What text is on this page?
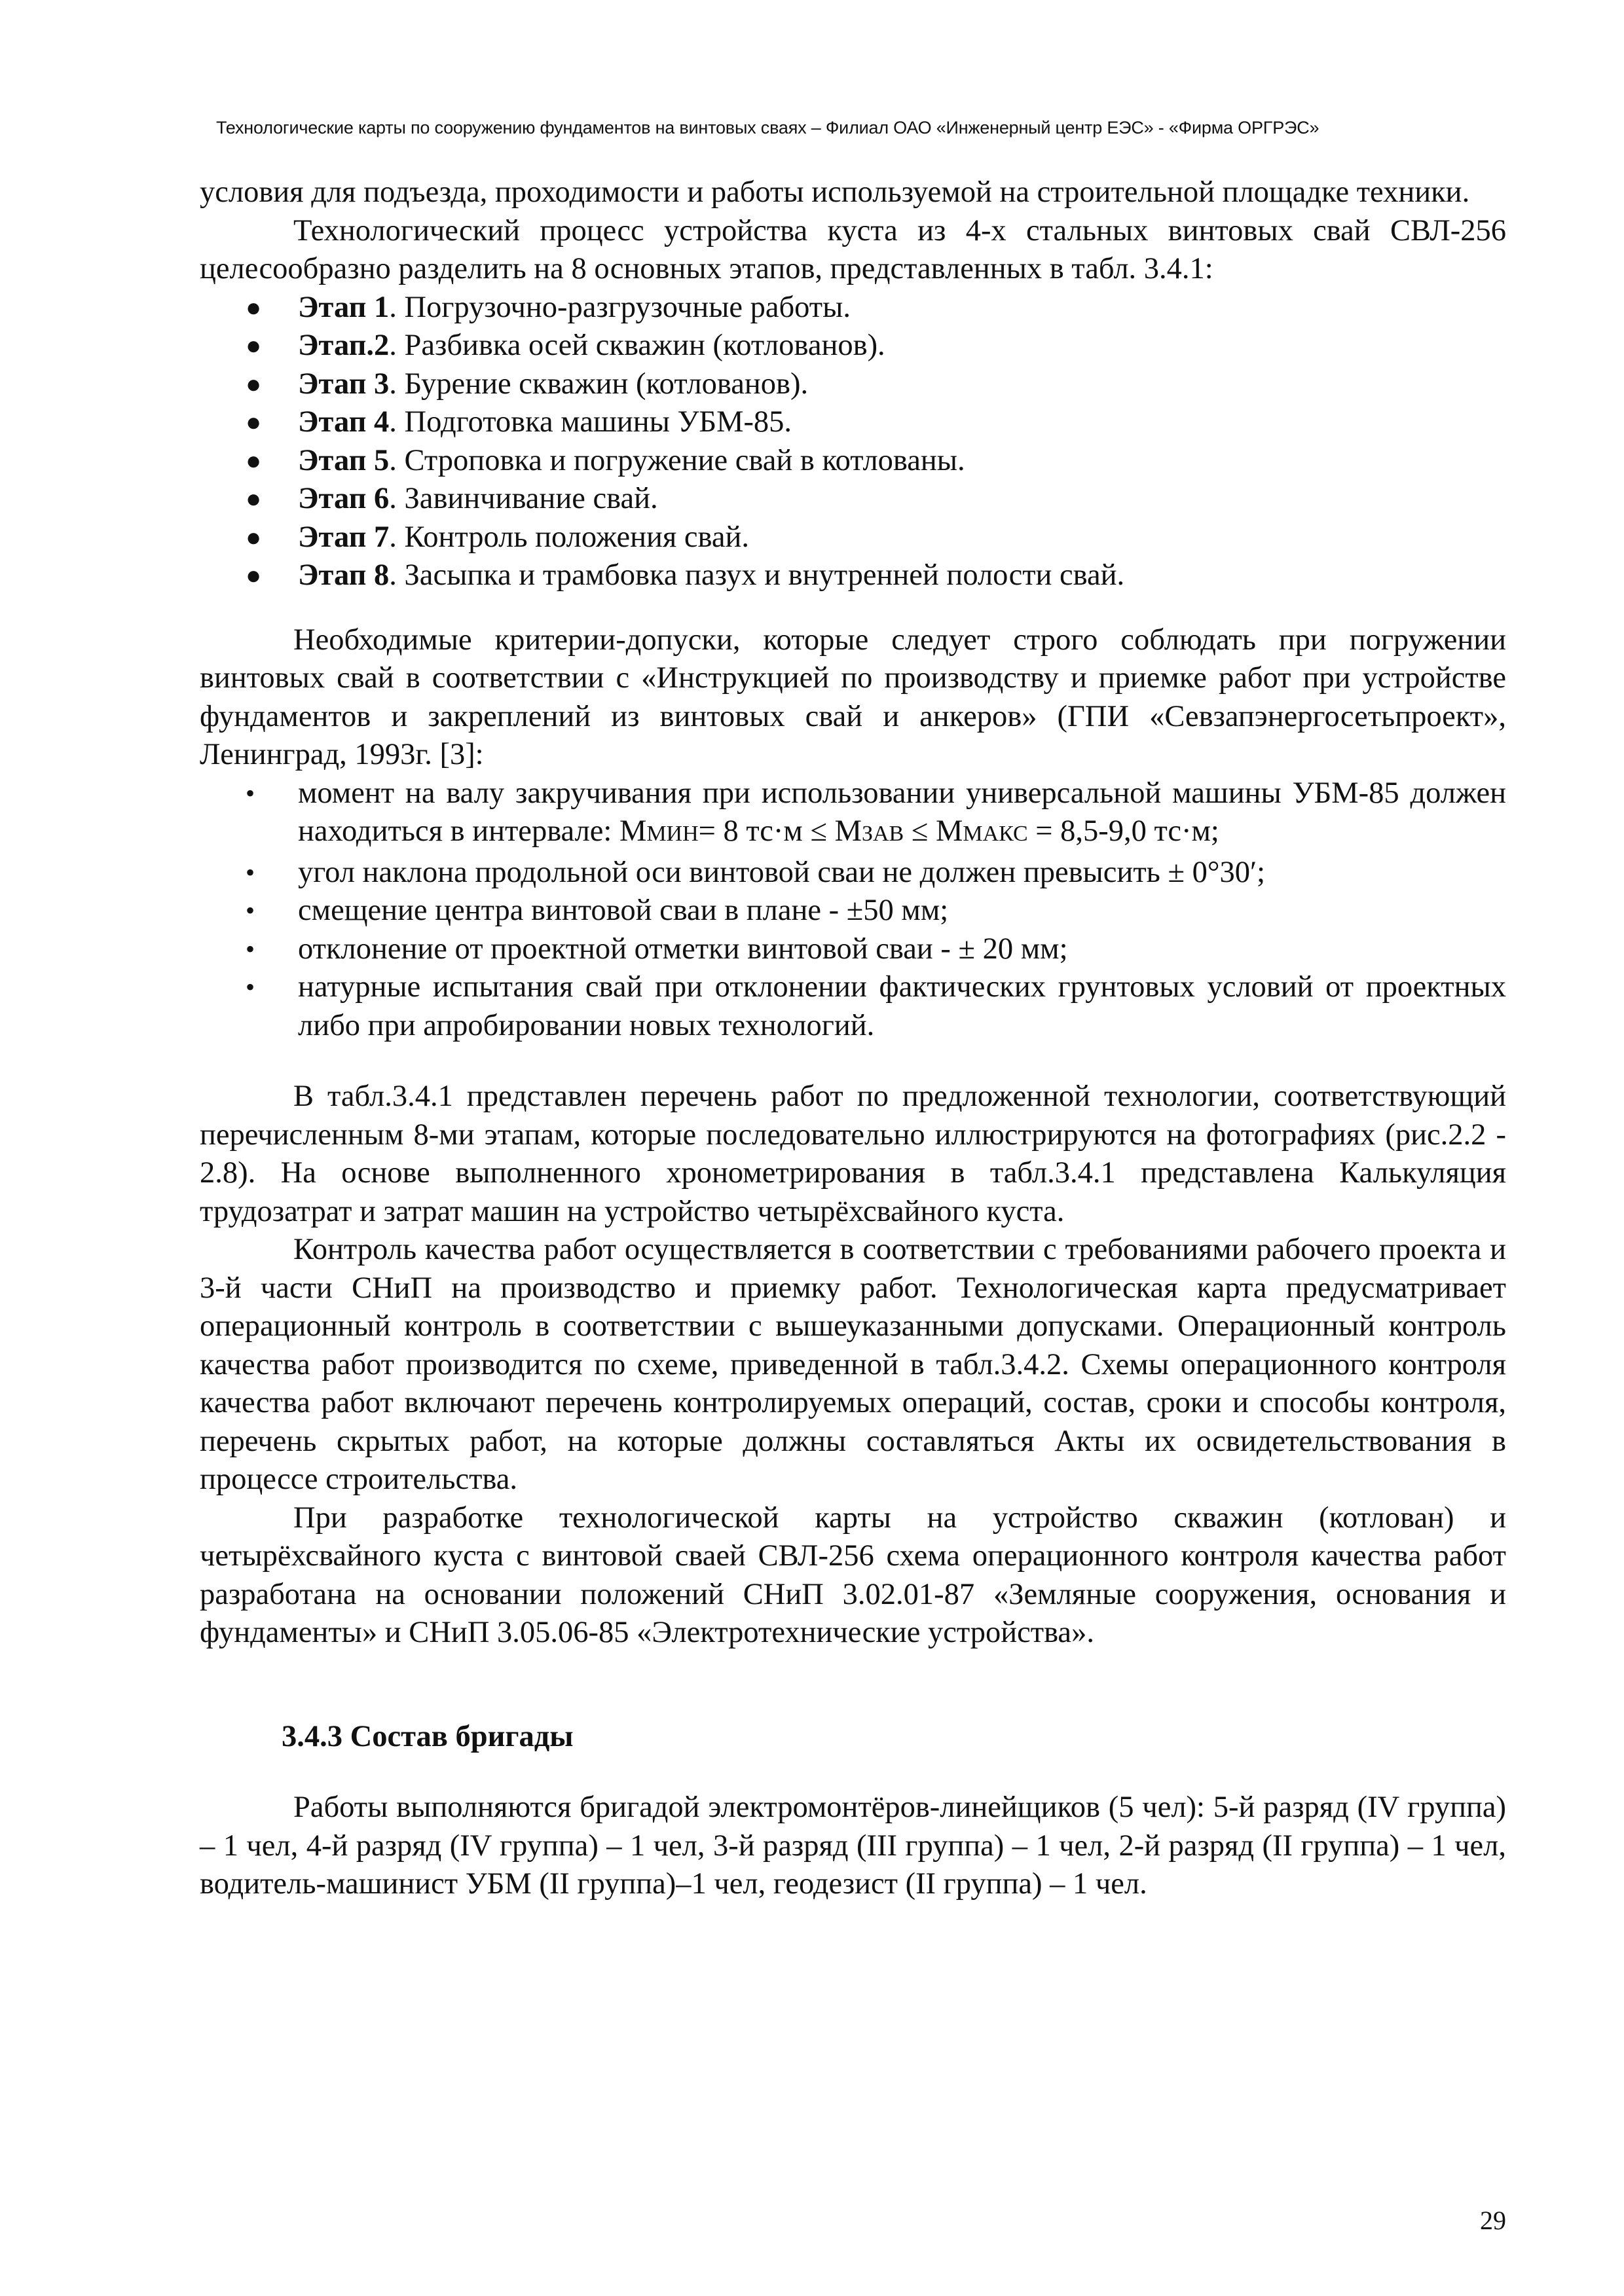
Технологические карты по сооружению фундаментов на винтовых сваях – Филиал ОАО «Инженерный центр ЕЭС» - «Фирма ОРГРЭС»

условия для подъезда, проходимости и работы используемой на строительной площадке техники.

Технологический процесс устройства куста из 4-х стальных винтовых свай СВЛ-256 целесообразно разделить на 8 основных этапов, представленных в табл. 3.4.1:

● Этап 1. Погрузочно-разгрузочные работы.
● Этап.2. Разбивка осей скважин (котлованов).
● Этап 3. Бурение скважин (котлованов).
● Этап 4. Подготовка машины УБМ-85.
● Этап 5. Строповка и погружение свай в котлованы.
● Этап 6. Завинчивание свай.
● Этап 7. Контроль положения свай.
● Этап 8. Засыпка и трамбовка пазух и внутренней полости свай.

Необходимые критерии-допуски, которые следует строго соблюдать при погружении винтовых свай в соответствии с «Инструкцией по производству и приемке работ при устройстве фундаментов и закреплений из винтовых свай и анкеров» (ГПИ «Севзапэнергосетьпроект», Ленинград, 1993г. [3]:

• момент на валу закручивания при использовании универсальной машины УБМ-85 должен находиться в интервале: ММИН= 8 тс·м ≤ МЗАВ ≤ ММАКС = 8,5-9,0 тс·м;
• угол наклона продольной оси винтовой сваи не должен превысить ± 0°30′;
• смещение центра винтовой сваи в плане - ±50 мм;
• отклонение от проектной отметки винтовой сваи - ± 20 мм;
• натурные испытания свай при отклонении фактических грунтовых условий от проектных либо при апробировании новых технологий.

В табл.3.4.1 представлен перечень работ по предложенной технологии, соответствующий перечисленным 8-ми этапам, которые последовательно иллюстрируются на фотографиях (рис.2.2 - 2.8). На основе выполненного хронометрирования в табл.3.4.1 представлена Калькуляция трудозатрат и затрат машин на устройство четырёхсвайного куста.

Контроль качества работ осуществляется в соответствии с требованиями рабочего проекта и 3-й части СНиП на производство и приемку работ. Технологическая карта предусматривает операционный контроль в соответствии с вышеуказанными допусками. Операционный контроль качества работ производится по схеме, приведенной в табл.3.4.2. Схемы операционного контроля качества работ включают перечень контролируемых операций, состав, сроки и способы контроля, перечень скрытых работ, на которые должны составляться Акты их освидетельствования в процессе строительства.

При разработке технологической карты на устройство скважин (котлован) и четырёхсвайного куста с винтовой сваей СВЛ-256 схема операционного контроля качества работ разработана на основании положений СНиП 3.02.01-87 «Земляные сооружения, основания и фундаменты» и СНиП 3.05.06-85 «Электротехнические устройства».

3.4.3 Состав бригады

Работы выполняются бригадой электромонтёров-линейщиков (5 чел): 5-й разряд (IV группа) – 1 чел, 4-й разряд (IV группа) – 1 чел, 3-й разряд (III группа) – 1 чел, 2-й разряд (II группа) – 1 чел, водитель-машинист УБМ (II группа)–1 чел, геодезист (II группа) – 1 чел.

29
